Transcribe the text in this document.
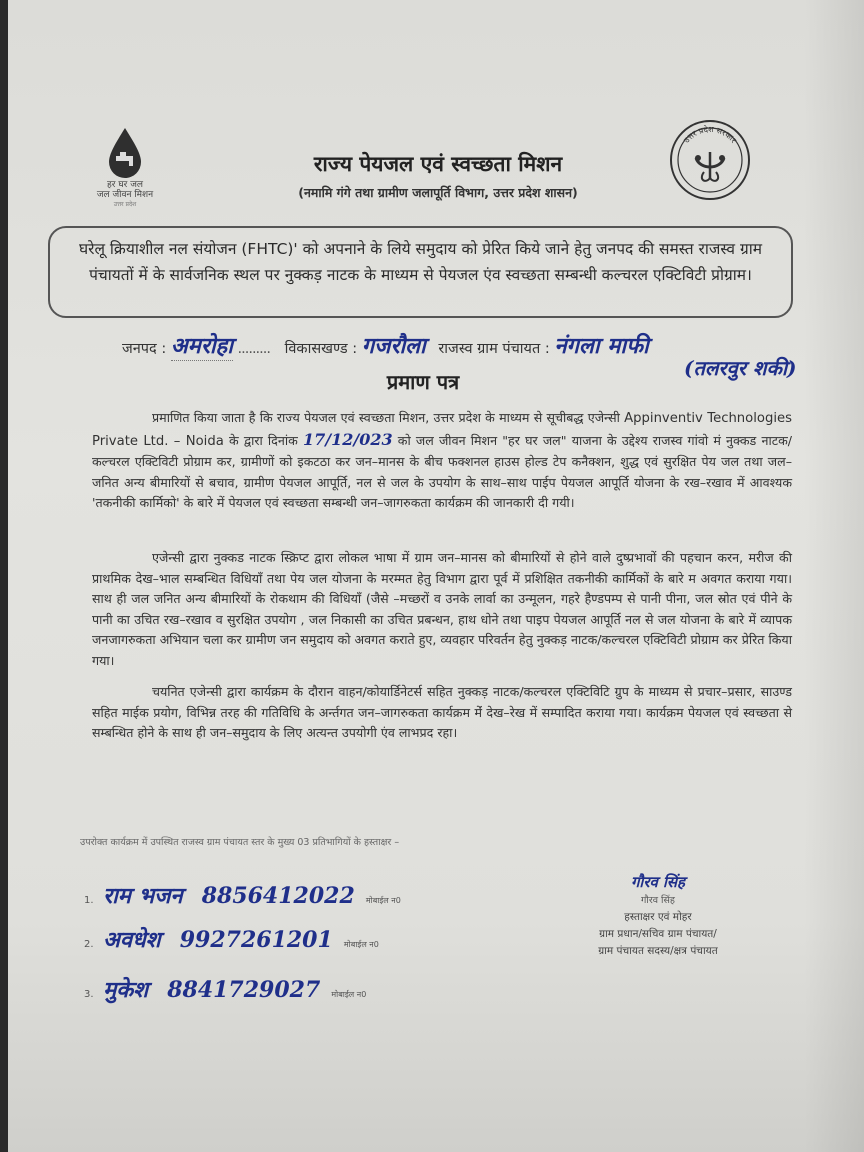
हर घर जल
जल जीवन मिशन
उत्तर प्रदेश
उत्तर प्रदेश सरकार
राज्य पेयजल एवं स्वच्छता मिशन
(नमामि गंगे तथा ग्रामीण जलापूर्ति विभाग, उत्तर प्रदेश शासन)
घरेलू क्रियाशील नल संयोजन (FHTC)' को अपनाने के लिये समुदाय को प्रेरित किये जाने हेतु जनपद की समस्त राजस्व ग्राम पंचायतों में के सार्वजनिक स्थल पर नुक्कड़ नाटक के माध्यम से पेयजल एंव स्वच्छता सम्बन्धी कल्चरल एक्टिविटी प्रोग्राम।
जनपद : अमरोहा ......... विकासखण्ड : गजरौला राजस्व ग्राम पंचायत : नंगला माफी
(तलरवुर शकी)
प्रमाण पत्र
प्रमाणित किया जाता है कि राज्य पेयजल एवं स्वच्छता मिशन, उत्तर प्रदेश के माध्यम से सूचीबद्ध एजेन्सी Appinventiv Technologies Private Ltd. – Noida के द्वारा दिनांक 17/12/023 को जल जीवन मिशन "हर घर जल" याजना के उद्देश्य राजस्व गांवो मं नुक्कड नाटक/कल्चरल एक्टिविटी प्रोग्राम कर, ग्रामीणों को इकटठा कर जन–मानस के बीच फक्शनल हाउस होल्ड टेप कनैक्शन, शुद्ध एवं सुरक्षित पेय जल तथा जल–जनित अन्य बीमारियों से बचाव, ग्रामीण पेयजल आपूर्ति, नल से जल के उपयोग के साथ–साथ पाईप पेयजल आपूर्ति योजना के रख–रखाव में आवश्यक 'तकनीकी कार्मिको' के बारे में पेयजल एवं स्वच्छता सम्बन्धी जन–जागरुकता कार्यक्रम की जानकारी दी गयी।
एजेन्सी द्वारा नुक्कड नाटक स्क्रिप्ट द्वारा लोकल भाषा में ग्राम जन–मानस को बीमारियों से होने वाले दुष्प्रभावों की पहचान करन, मरीज की प्राथमिक देख–भाल सम्बन्धित विधियाँ तथा पेय जल योजना के मरम्मत हेतु विभाग द्वारा पूर्व में प्रशिक्षित तकनीकी कार्मिकों के बारे म अवगत कराया गया। साथ ही जल जनित अन्य बीमारियों के रोकथाम की विधियाँ (जैसे –मच्छरों व उनके लार्वा का उन्मूलन, गहरे हैण्डपम्प से पानी पीना, जल स्रोत एवं पीने के पानी का उचित रख–रखाव व सुरक्षित उपयोग , जल निकासी का उचित प्रबन्धन, हाथ धोने तथा पाइप पेयजल आपूर्ति नल से जल योजना के बारे में व्यापक जनजागरुकता अभियान चला कर ग्रामीण जन समुदाय को अवगत कराते हुए, व्यवहार परिवर्तन हेतु नुक्कड़ नाटक/कल्चरल एक्टिविटी प्रोग्राम कर प्रेरित किया गया।
चयनित एजेन्सी द्वारा कार्यक्रम के दौरान वाहन/कोयार्डिनेटर्स सहित नुक्कड़ नाटक/कल्चरल एक्टिविटि ग्रुप के माध्यम से प्रचार–प्रसार, साउण्ड सहित माईक प्रयोग, विभिन्न तरह की गतिविधि के अर्न्तगत जन–जागरुकता कार्यक्रम मेंं देख–रेख में सम्पादित कराया गया। कार्यक्रम पेयजल एवं स्वच्छता से सम्बन्धित होने के साथ ही जन–समुदाय के लिए अत्यन्त उपयोगी एंव लाभप्रद रहा।
उपरोक्त कार्यक्रम में उपस्थित राजस्व ग्राम पंचायत स्तर के मुख्य 03 प्रतिभागियों के हस्ताक्षर –
1. राम भजन 8856412022 मोबाईल न0
2. अवधेश 9927261201 मोबाईल न0
3. मुकेश 8841729027 मोबाईल न0
गौरव सिंह
गौरव सिंह
हस्ताक्षर एवं मोहर
ग्राम प्रधान/सचिव ग्राम पंचायत/
ग्राम पंचायत सदस्य/क्षत्र पंचायत
